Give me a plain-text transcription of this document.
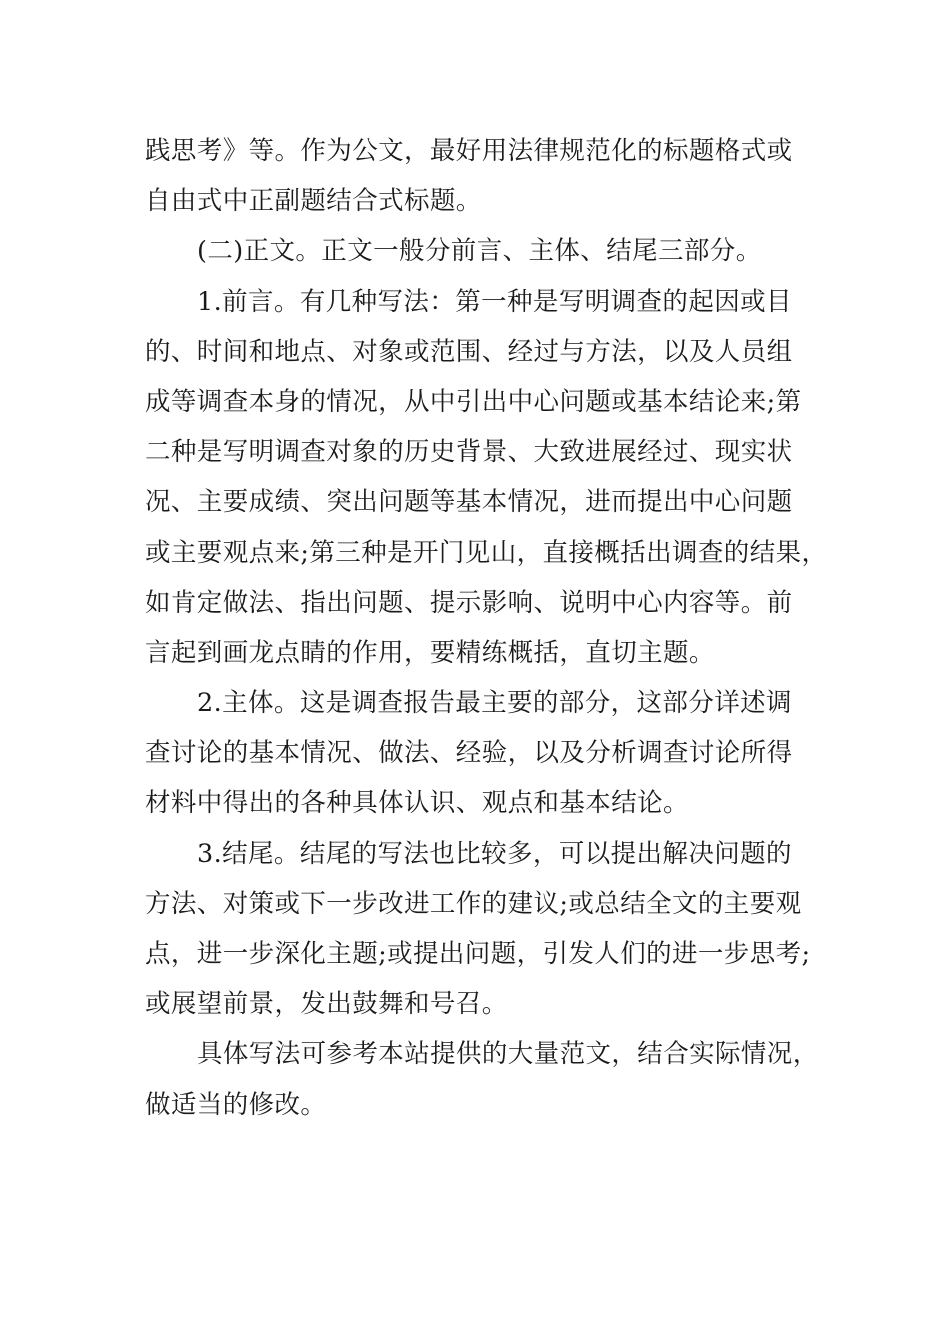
践思考》等。作为公文，最好用法律规范化的标题格式或
自由式中正副题结合式标题。
(二)正文。正文一般分前言、主体、结尾三部分。
1.前言。有几种写法：第一种是写明调查的起因或目
的、时间和地点、对象或范围、经过与方法，以及人员组
成等调查本身的情况，从中引出中心问题或基本结论来;第
二种是写明调查对象的历史背景、大致进展经过、现实状
况、主要成绩、突出问题等基本情况，进而提出中心问题
或主要观点来;第三种是开门见山，直接概括出调查的结果，
如肯定做法、指出问题、提示影响、说明中心内容等。前
言起到画龙点睛的作用，要精练概括，直切主题。
2.主体。这是调查报告最主要的部分，这部分详述调
查讨论的基本情况、做法、经验，以及分析调查讨论所得
材料中得出的各种具体认识、观点和基本结论。
3.结尾。结尾的写法也比较多，可以提出解决问题的
方法、对策或下一步改进工作的建议;或总结全文的主要观
点，进一步深化主题;或提出问题，引发人们的进一步思考;
或展望前景，发出鼓舞和号召。
具体写法可参考本站提供的大量范文，结合实际情况，
做适当的修改。
